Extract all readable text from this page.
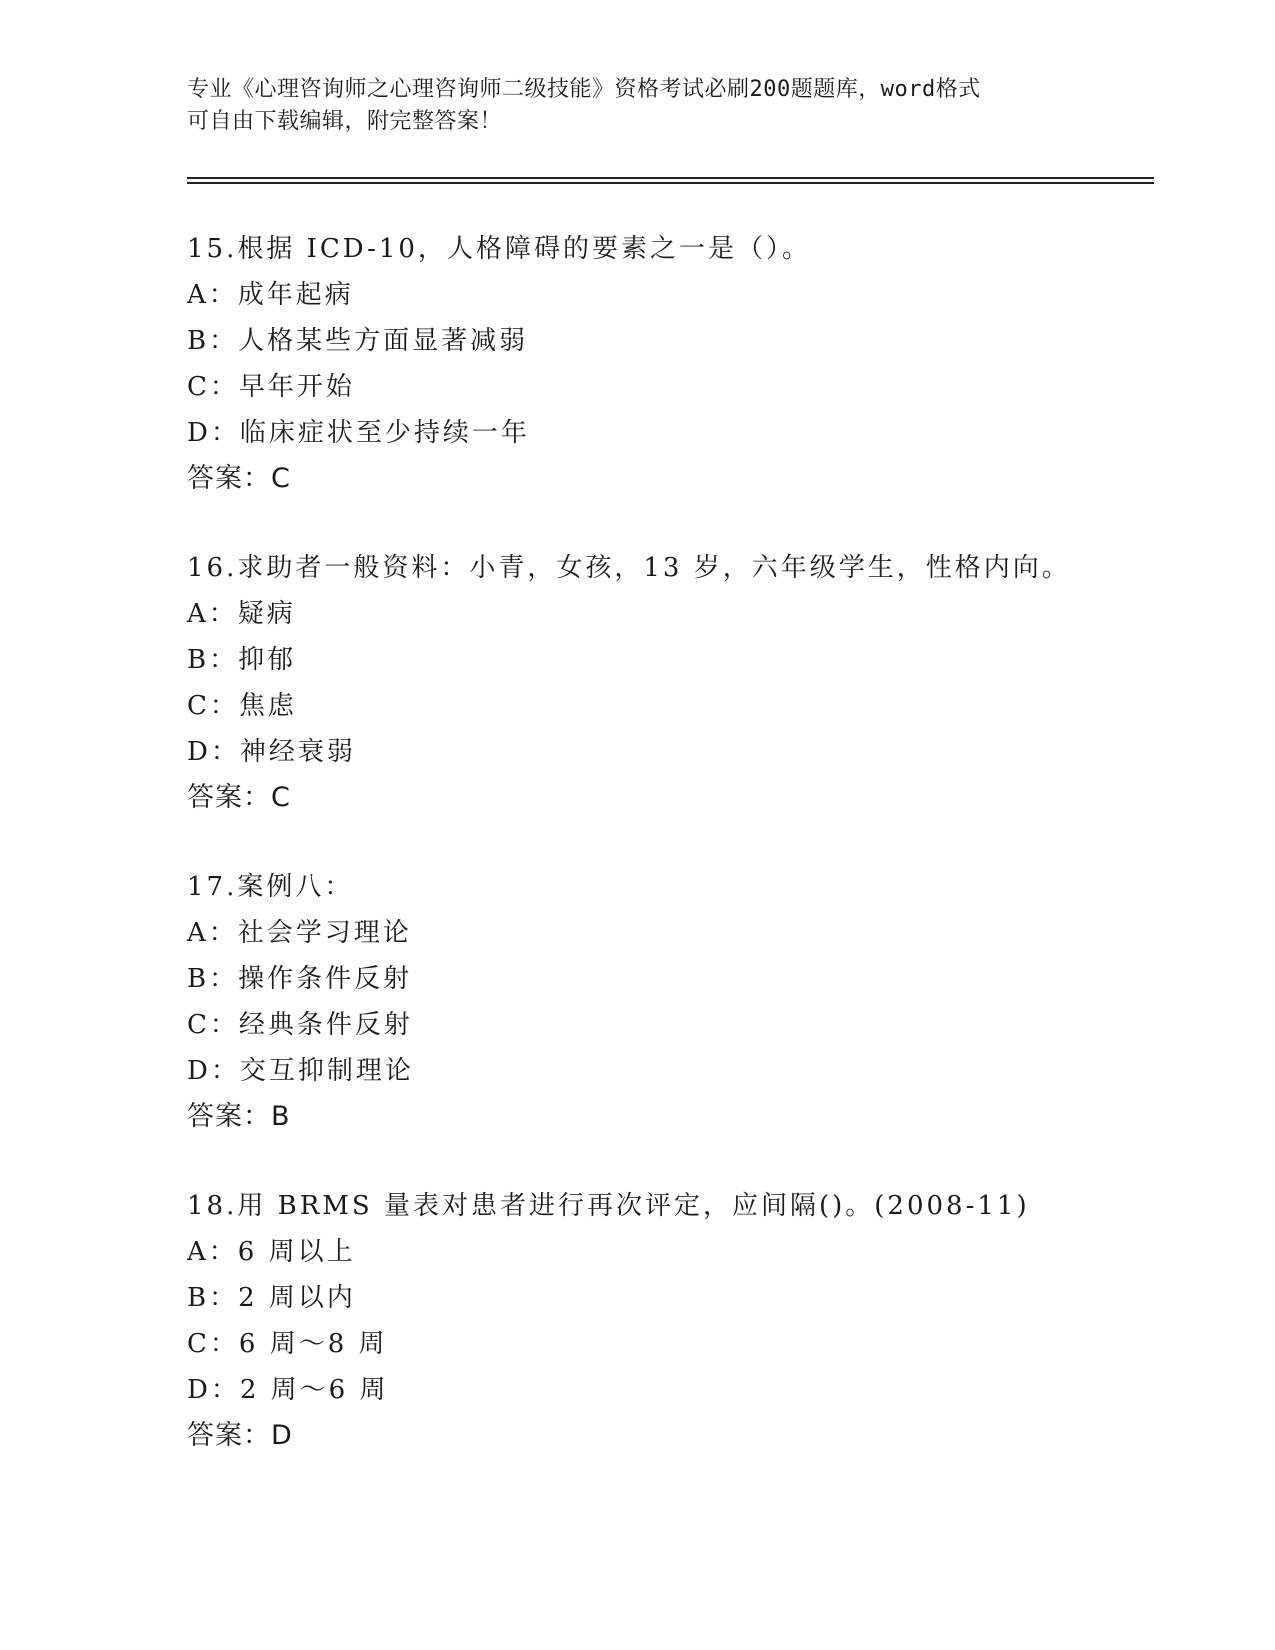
专业《心理咨询师之心理咨询师二级技能》资格考试必刷200题题库，word格式
可自由下载编辑，附完整答案！
15.根据 ICD-10，人格障碍的要素之一是（）。
A：成年起病
B：人格某些方面显著减弱
C：早年开始
D：临床症状至少持续一年
答案：C
16.求助者一般资料：小青，女孩，13 岁，六年级学生，性格内向。
A：疑病
B：抑郁
C：焦虑
D：神经衰弱
答案：C
17.案例八：
A：社会学习理论
B：操作条件反射
C：经典条件反射
D：交互抑制理论
答案：B
18.用 BRMS 量表对患者进行再次评定，应间隔()。(2008-11)
A：6 周以上
B：2 周以内
C：6 周～8 周
D：2 周～6 周
答案：D
